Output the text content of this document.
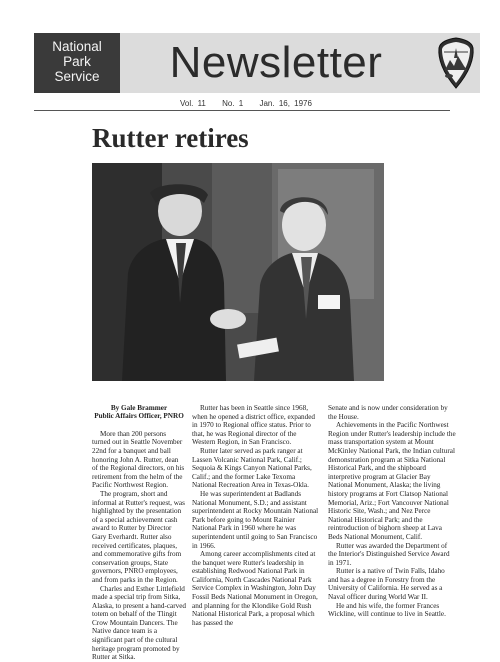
National
Park
Service	Newsletter
Vol. 11 No. 1 Jan. 16, 1976
Rutter retires
By Gale Brammer
Public Affairs Officer, PNRO

More than 200 persons turned out in Seattle November 22nd for a banquet and ball honoring John A. Rutter, dean of the Regional directors, on his retirement from the helm of the Pacific Northwest Region.

The program, short and informal at Rutter's request, was highlighted by the presentation of a special achievement cash award to Rutter by Director Gary Everhardt. Rutter also received certificates, plaques, and commemorative gifts from conservation groups, State governors, PNRO employees, and from parks in the Region.

Charles and Esther Littlefield made a special trip from Sitka, Alaska, to present a hand-carved totem on behalf of the Tlingit Crow Mountain Dancers. The Native dance team is a significant part of the cultural heritage program promoted by Rutter at Sitka.

Rutter has been in Seattle since 1968, when he opened a district office, expanded in 1970 to Regional office status. Prior to that, he was Regional director of the Western Region, in San Francisco.

Rutter later served as park ranger at Lassen Volcanic National Park, Calif.; Sequoia & Kings Canyon National Parks, Calif.; and the former Lake Texoma National Recreation Area in Texas-Okla.

He was superintendent at Badlands National Monument, S.D.; and assistant superintendent at Rocky Mountain National Park before going to Mount Rainier National Park in 1960 where he was superintendent until going to San Francisco in 1966.

Among career accomplishments cited at the banquet were Rutter's leadership in establishing Redwood National Park in California, North Cascades National Park Service Complex in Washington, John Day Fossil Beds National Monument in Oregon, and planning for the Klondike Gold Rush National Historical Park, a proposal which has passed the

Senate and is now under consideration by the House.

Achievements in the Pacific Northwest Region under Rutter's leadership include the mass transportation system at Mount McKinley National Park, the Indian cultural demonstration program at Sitka National Historical Park, and the shipboard interpretive program at Glacier Bay National Monument, Alaska; the living history programs at Fort Clatsop National Memorial, Ariz.; Fort Vancouver National Historic Site, Wash.; and Nez Perce National Historical Park; and the reintroduction of bighorn sheep at Lava Beds National Monument, Calif.

Rutter was awarded the Department of the Interior's Distinguished Service Award in 1971.

Rutter is a native of Twin Falls, Idaho and has a degree in Forestry from the University of California. He served as a Naval officer during World War II.

He and his wife, the former Frances Wickline, will continue to live in Seattle.
